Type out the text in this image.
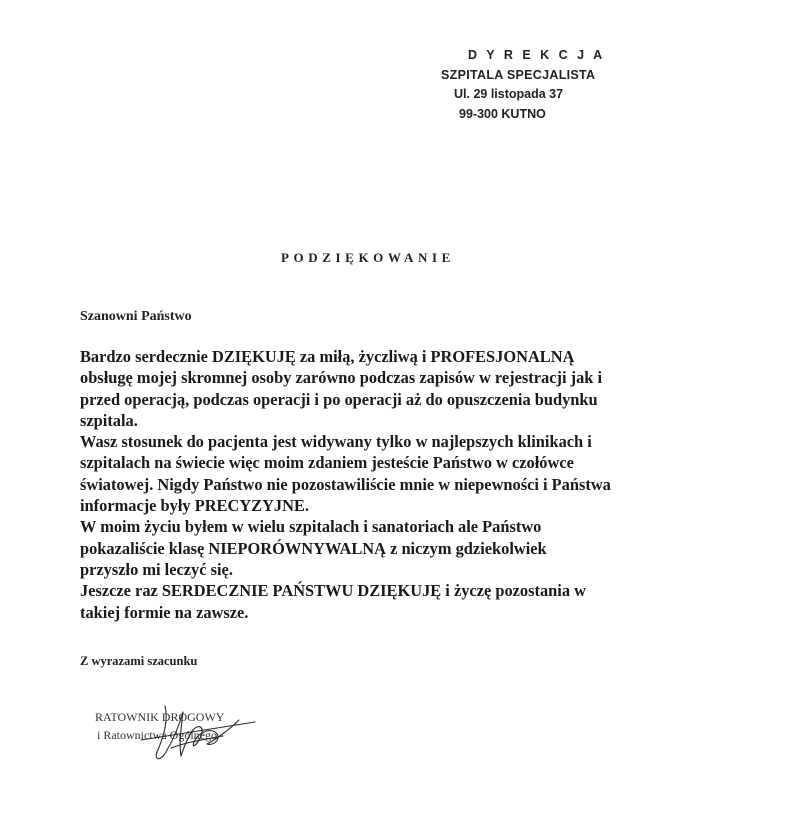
D Y R E K C J A
SZPITALA SPECJALISTA
Ul. 29 listopada 37
99-300 KUTNO
PODZIĘKOWANIE
Szanowni Państwo
Bardzo serdecznie DZIĘKUJĘ za miłą, życzliwą i PROFESJONALNĄ
obsługę mojej skromnej osoby zarówno podczas zapisów w rejestracji jak i
przed operacją, podczas operacji i po operacji aż do opuszczenia budynku
szpitala.
Wasz stosunek do pacjenta jest widywany tylko w najlepszych klinikach i
szpitalach na świecie więc moim zdaniem jesteście Państwo w czołówce
światowej. Nigdy Państwo nie pozostawiliście mnie w niepewności i Państwa
informacje były PRECYZYJNE.
W moim życiu byłem w wielu szpitalach i sanatoriach ale Państwo
pokazaliście klasę NIEPORÓWNYWALNĄ z niczym gdziekolwiek
przyszło mi leczyć się.
Jeszcze raz SERDECZNIE PAŃSTWU DZIĘKUJĘ i życzę pozostania w
takiej formie na zawsze.
Z wyrazami szacunku
RATOWNIK DROGOWY
i Ratownictwa Ogólnego
